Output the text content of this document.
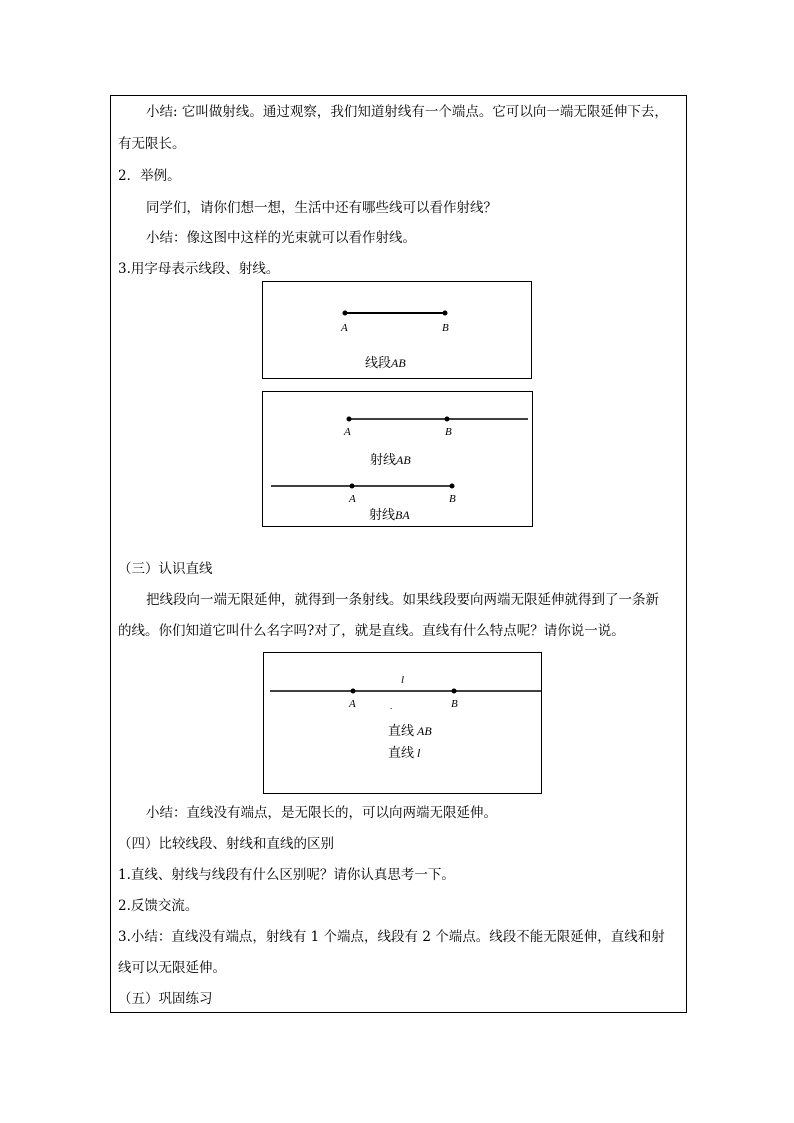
小结: 它叫做射线。通过观察，我们知道射线有一个端点。它可以向一端无限延伸下去，
有无限长。
2．举例。
同学们，请你们想一想，生活中还有哪些线可以看作射线？
小结：像这图中这样的光束就可以看作射线。
3.用字母表示线段、射线。
A	B
线段AB
A	B
射线AB
A	B
射线BA
（三）认识直线
把线段向一端无限延伸，就得到一条射线。如果线段要向两端无限延伸就得到了一条新
的线。你们知道它叫什么名字吗?对了，就是直线。直线有什么特点呢？请你说一说。
l
A	B
.
直线 AB
直线 l
小结：直线没有端点，是无限长的，可以向两端无限延伸。
（四）比较线段、射线和直线的区别
1.直线、射线与线段有什么区别呢？请你认真思考一下。
2.反馈交流。
3.小结：直线没有端点，射线有 1 个端点，线段有 2 个端点。线段不能无限延伸，直线和射
线可以无限延伸。
（五）巩固练习
